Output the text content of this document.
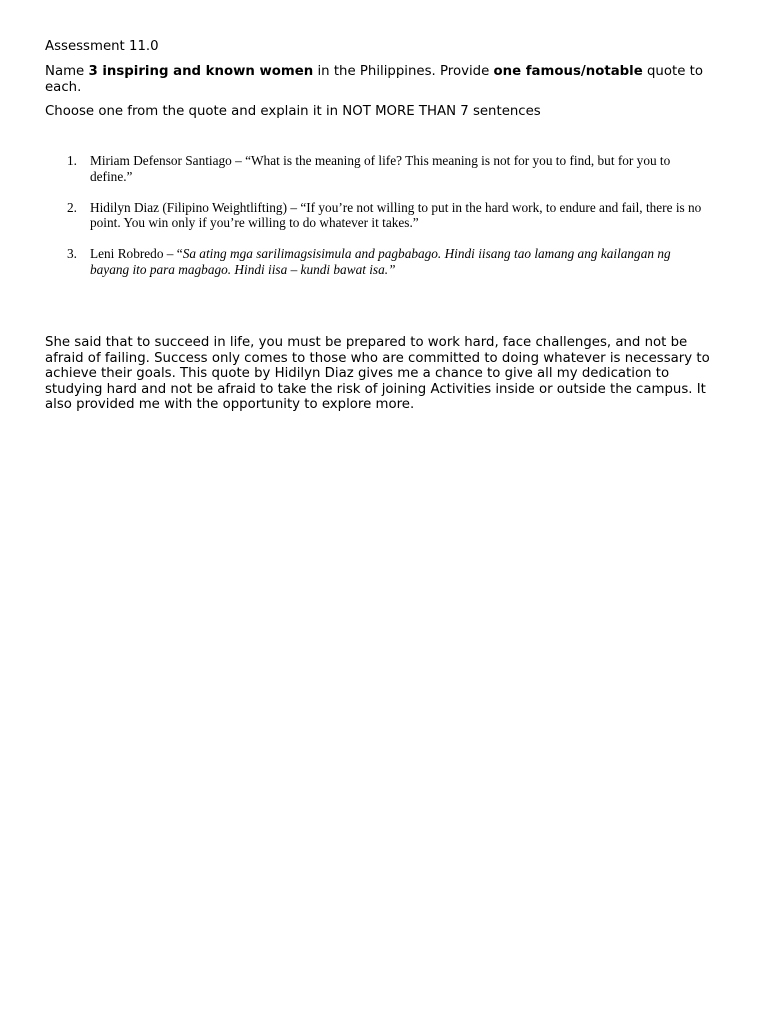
Assessment 11.0

Name 3 inspiring and known women in the Philippines. Provide one famous/notable quote to each.

Choose one from the quote and explain it in NOT MORE THAN 7 sentences

1. Miriam Defensor Santiago – “What is the meaning of life? This meaning is not for you to find, but for you to define.”
2. Hidilyn Diaz (Filipino Weightlifting) – “If you’re not willing to put in the hard work, to endure and fail, there is no point. You win only if you’re willing to do whatever it takes.”
3. Leni Robredo – “Sa ating mga sarilimagsisimula and pagbabago. Hindi iisang tao lamang ang kailangan ng bayang ito para magbago. Hindi iisa – kundi bawat isa.”

She said that to succeed in life, you must be prepared to work hard, face challenges, and not be afraid of failing. Success only comes to those who are committed to doing whatever is necessary to achieve their goals. This quote by Hidilyn Diaz gives me a chance to give all my dedication to studying hard and not be afraid to take the risk of joining Activities inside or outside the campus. It also provided me with the opportunity to explore more.
